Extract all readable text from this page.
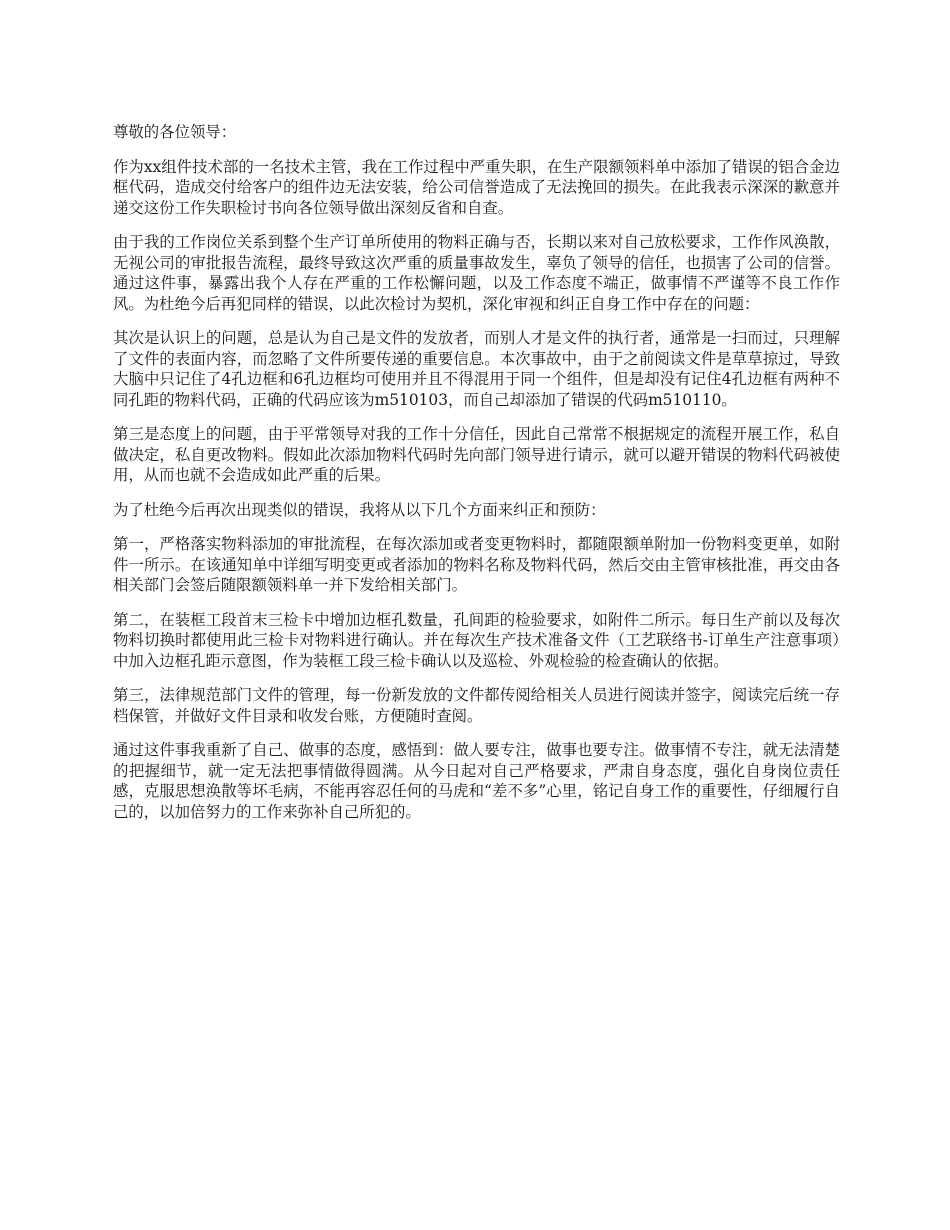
尊敬的各位领导：

作为xx组件技术部的一名技术主管，我在工作过程中严重失职，在生产限额领料单中添加了错误的铝合金边框代码，造成交付给客户的组件边无法安装，给公司信誉造成了无法挽回的损失。在此我表示深深的歉意并递交这份工作失职检讨书向各位领导做出深刻反省和自查。

由于我的工作岗位关系到整个生产订单所使用的物料正确与否，长期以来对自己放松要求，工作作风涣散，无视公司的审批报告流程，最终导致这次严重的质量事故发生，辜负了领导的信任，也损害了公司的信誉。通过这件事，暴露出我个人存在严重的工作松懈问题，以及工作态度不端正，做事情不严谨等不良工作作风。为杜绝今后再犯同样的错误，以此次检讨为契机，深化审视和纠正自身工作中存在的问题：

其次是认识上的问题，总是认为自己是文件的发放者，而别人才是文件的执行者，通常是一扫而过，只理解了文件的表面内容，而忽略了文件所要传递的重要信息。本次事故中，由于之前阅读文件是草草掠过，导致大脑中只记住了4孔边框和6孔边框均可使用并且不得混用于同一个组件，但是却没有记住4孔边框有两种不同孔距的物料代码，正确的代码应该为m510103，而自己却添加了错误的代码m510110。

第三是态度上的问题，由于平常领导对我的工作十分信任，因此自己常常不根据规定的流程开展工作，私自做决定，私自更改物料。假如此次添加物料代码时先向部门领导进行请示，就可以避开错误的物料代码被使用，从而也就不会造成如此严重的后果。

为了杜绝今后再次出现类似的错误，我将从以下几个方面来纠正和预防：

第一，严格落实物料添加的审批流程，在每次添加或者变更物料时，都随限额单附加一份物料变更单，如附件一所示。在该通知单中详细写明变更或者添加的物料名称及物料代码，然后交由主管审核批准，再交由各相关部门会签后随限额领料单一并下发给相关部门。

第二，在装框工段首末三检卡中增加边框孔数量，孔间距的检验要求，如附件二所示。每日生产前以及每次物料切换时都使用此三检卡对物料进行确认。并在每次生产技术准备文件（工艺联络书-订单生产注意事项）中加入边框孔距示意图，作为装框工段三检卡确认以及巡检、外观检验的检查确认的依据。

第三，法律规范部门文件的管理，每一份新发放的文件都传阅给相关人员进行阅读并签字，阅读完后统一存档保管，并做好文件目录和收发台账，方便随时查阅。

通过这件事我重新了自己、做事的态度，感悟到：做人要专注，做事也要专注。做事情不专注，就无法清楚的把握细节，就一定无法把事情做得圆满。从今日起对自己严格要求，严肃自身态度，强化自身岗位责任感，克服思想涣散等坏毛病，不能再容忍任何的马虎和“差不多”心里，铭记自身工作的重要性，仔细履行自己的，以加倍努力的工作来弥补自己所犯的。
